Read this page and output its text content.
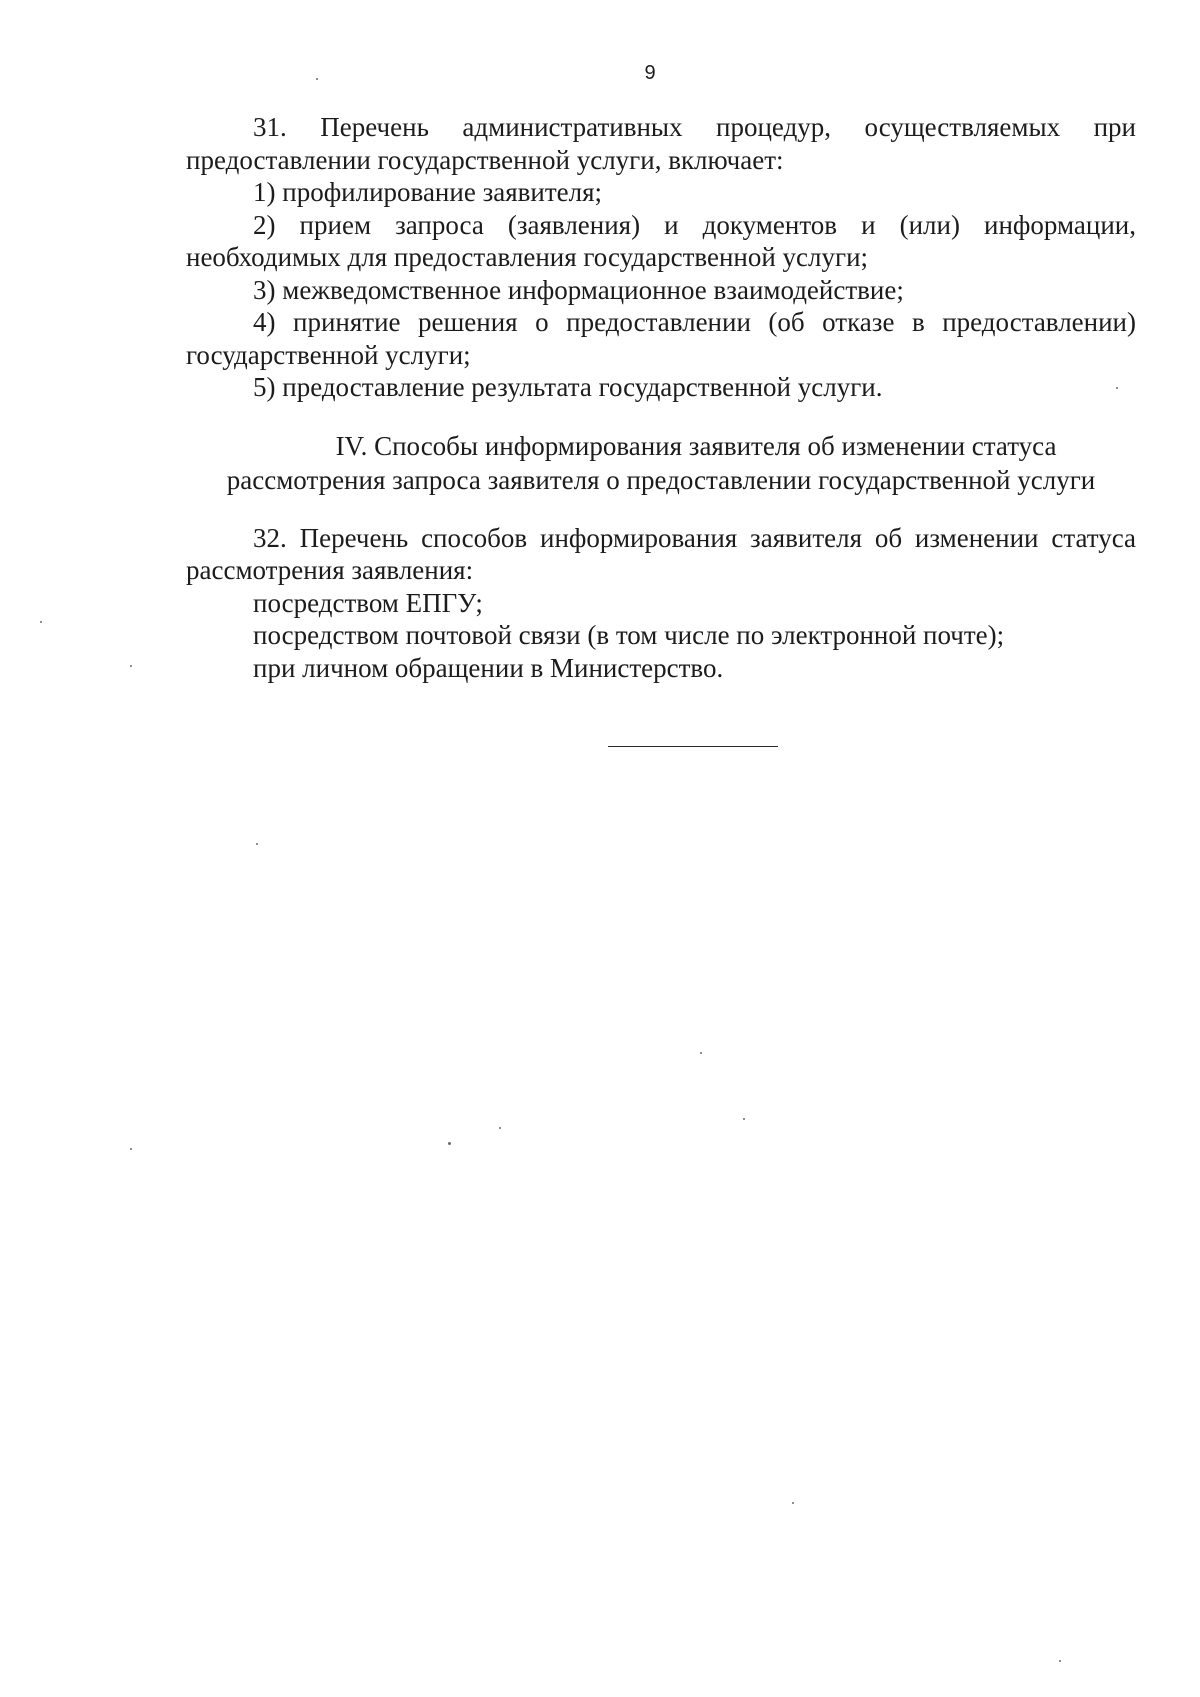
9

31. Перечень административных процедур, осуществляемых при предоставлении государственной услуги, включает:

1) профилирование заявителя;

2) прием запроса (заявления) и документов и (или) информации, необходимых для предоставления государственной услуги;

3) межведомственное информационное взаимодействие;

4) принятие решения о предоставлении (об отказе в предоставлении) государственной услуги;

5) предоставление результата государственной услуги.

IV. Способы информирования заявителя об изменении статуса
рассмотрения запроса заявителя о предоставлении государственной услуги

32. Перечень способов информирования заявителя об изменении статуса рассмотрения заявления:

посредством ЕПГУ;

посредством почтовой связи (в том числе по электронной почте);

при личном обращении в Министерство.
